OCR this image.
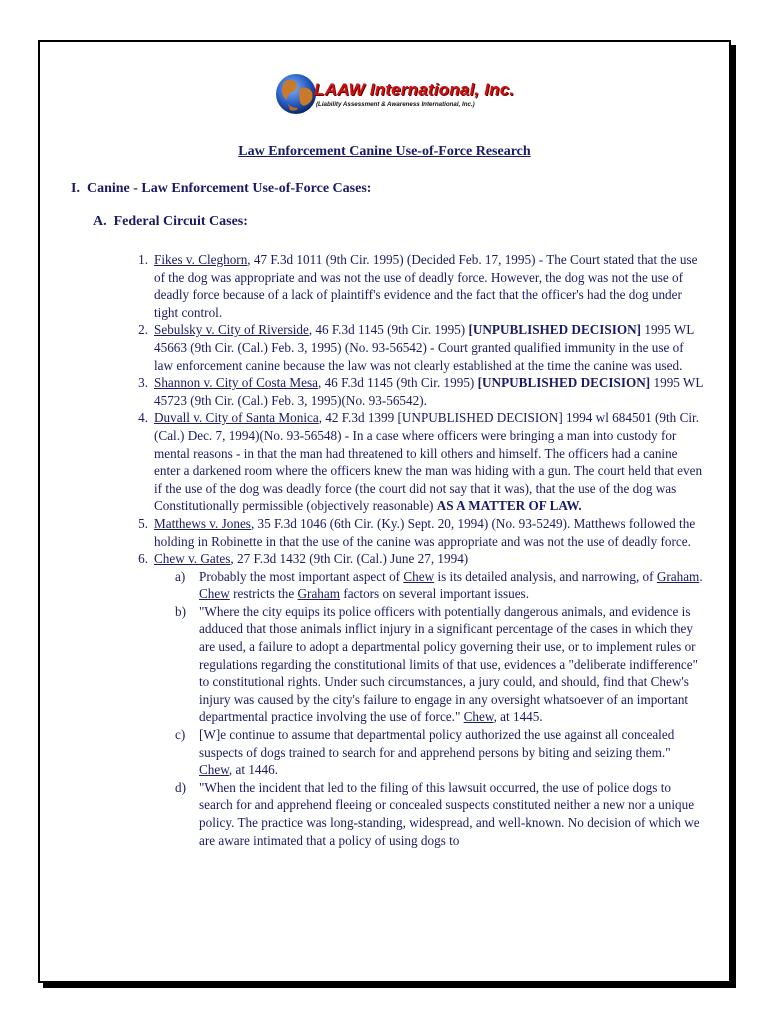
LAAW International, Inc.
(Liability Assessment & Awareness International, Inc.)
Law Enforcement Canine Use-of-Force Research
I. Canine - Law Enforcement Use-of-Force Cases:
A. Federal Circuit Cases:
1. Fikes v. Cleghorn, 47 F.3d 1011 (9th Cir. 1995) (Decided Feb. 17, 1995) - The Court stated that the use of the dog was appropriate and was not the use of deadly force. However, the dog was not the use of deadly force because of a lack of plaintiff's evidence and the fact that the officer's had the dog under tight control.
2. Sebulsky v. City of Riverside, 46 F.3d 1145 (9th Cir. 1995) [UNPUBLISHED DECISION] 1995 WL 45663 (9th Cir. (Cal.) Feb. 3, 1995) (No. 93-56542) - Court granted qualified immunity in the use of law enforcement canine because the law was not clearly established at the time the canine was used.
3. Shannon v. City of Costa Mesa, 46 F.3d 1145 (9th Cir. 1995) [UNPUBLISHED DECISION] 1995 WL 45723 (9th Cir. (Cal.) Feb. 3, 1995)(No. 93-56542).
4. Duvall v. City of Santa Monica, 42 F.3d 1399 [UNPUBLISHED DECISION] 1994 wl 684501 (9th Cir. (Cal.) Dec. 7, 1994)(No. 93-56548) - In a case where officers were bringing a man into custody for mental reasons - in that the man had threatened to kill others and himself. The officers had a canine enter a darkened room where the officers knew the man was hiding with a gun. The court held that even if the use of the dog was deadly force (the court did not say that it was), that the use of the dog was Constitutionally permissible (objectively reasonable) AS A MATTER OF LAW.
5. Matthews v. Jones, 35 F.3d 1046 (6th Cir. (Ky.) Sept. 20, 1994) (No. 93-5249). Matthews followed the holding in Robinette in that the use of the canine was appropriate and was not the use of deadly force.
6. Chew v. Gates, 27 F.3d 1432 (9th Cir. (Cal.) June 27, 1994)
a) Probably the most important aspect of Chew is its detailed analysis, and narrowing, of Graham. Chew restricts the Graham factors on several important issues.
b) "Where the city equips its police officers with potentially dangerous animals, and evidence is adduced that those animals inflict injury in a significant percentage of the cases in which they are used, a failure to adopt a departmental policy governing their use, or to implement rules or regulations regarding the constitutional limits of that use, evidences a "deliberate indifference" to constitutional rights. Under such circumstances, a jury could, and should, find that Chew's injury was caused by the city's failure to engage in any oversight whatsoever of an important departmental practice involving the use of force." Chew, at 1445.
c) [W]e continue to assume that departmental policy authorized the use against all concealed suspects of dogs trained to search for and apprehend persons by biting and seizing them." Chew, at 1446.
d) "When the incident that led to the filing of this lawsuit occurred, the use of police dogs to search for and apprehend fleeing or concealed suspects constituted neither a new nor a unique policy. The practice was long-standing, widespread, and well-known. No decision of which we are aware intimated that a policy of using dogs to
